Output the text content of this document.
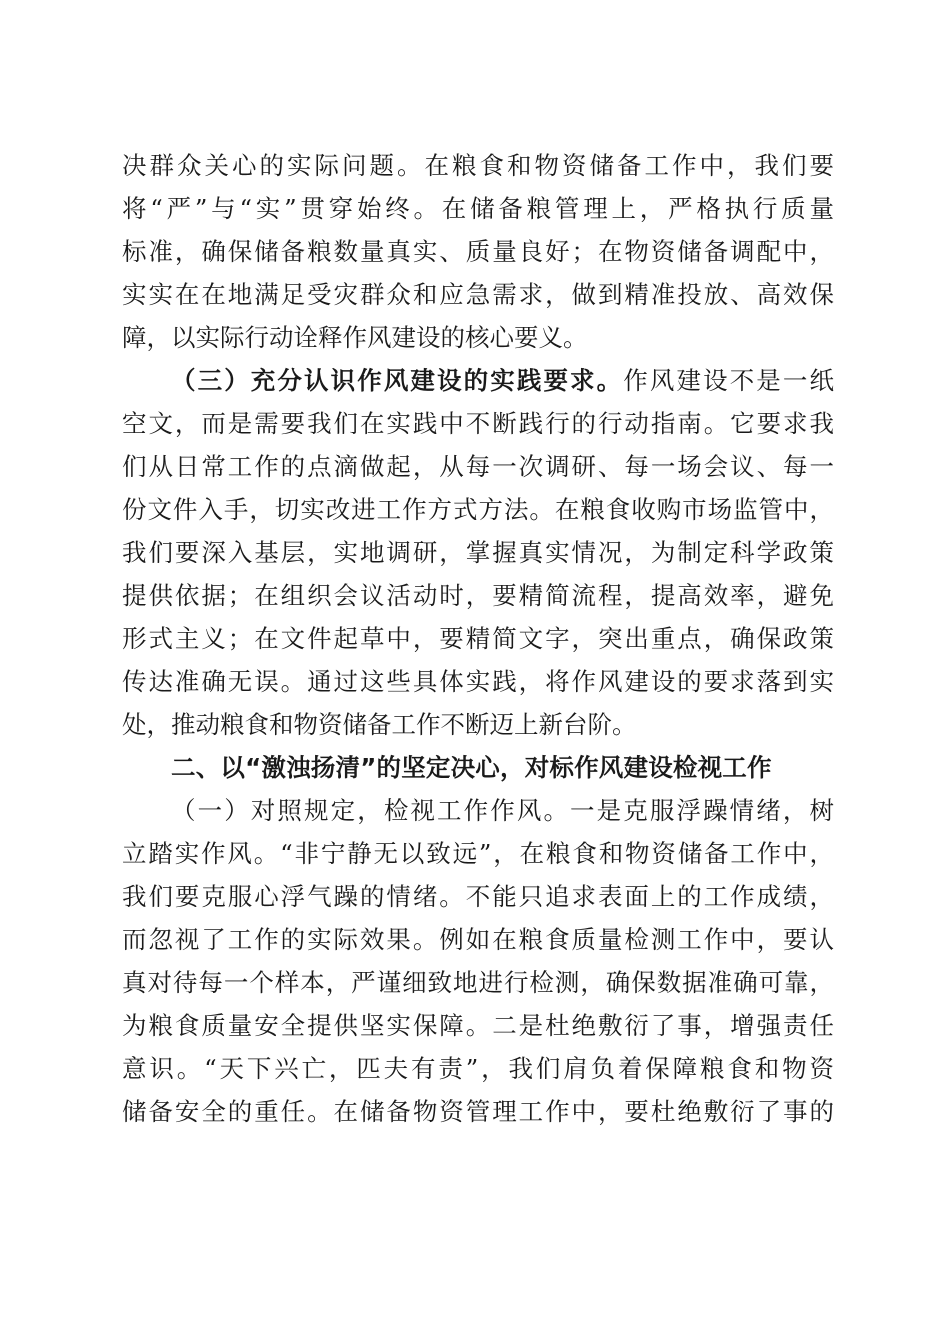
决群众关心的实际问题。在粮食和物资储备工作中，我们要
将“严”与“实”贯穿始终。在储备粮管理上，严格执行质量
标准，确保储备粮数量真实、质量良好；在物资储备调配中，
实实在在地满足受灾群众和应急需求，做到精准投放、高效保
障，以实际行动诠释作风建设的核心要义。
（三）充分认识作风建设的实践要求。作风建设不是一纸
空文，而是需要我们在实践中不断践行的行动指南。它要求我
们从日常工作的点滴做起，从每一次调研、每一场会议、每一
份文件入手，切实改进工作方式方法。在粮食收购市场监管中，
我们要深入基层，实地调研，掌握真实情况，为制定科学政策
提供依据；在组织会议活动时，要精简流程，提高效率，避免
形式主义；在文件起草中，要精简文字，突出重点，确保政策
传达准确无误。通过这些具体实践，将作风建设的要求落到实
处，推动粮食和物资储备工作不断迈上新台阶。
二、以“激浊扬清”的坚定决心，对标作风建设检视工作
（一）对照规定，检视工作作风。一是克服浮躁情绪，树
立踏实作风。“非宁静无以致远”，在粮食和物资储备工作中，
我们要克服心浮气躁的情绪。不能只追求表面上的工作成绩，
而忽视了工作的实际效果。例如在粮食质量检测工作中，要认
真对待每一个样本，严谨细致地进行检测，确保数据准确可靠，
为粮食质量安全提供坚实保障。二是杜绝敷衍了事，增强责任
意识。“天下兴亡，匹夫有责”，我们肩负着保障粮食和物资
储备安全的重任。在储备物资管理工作中，要杜绝敷衍了事的
